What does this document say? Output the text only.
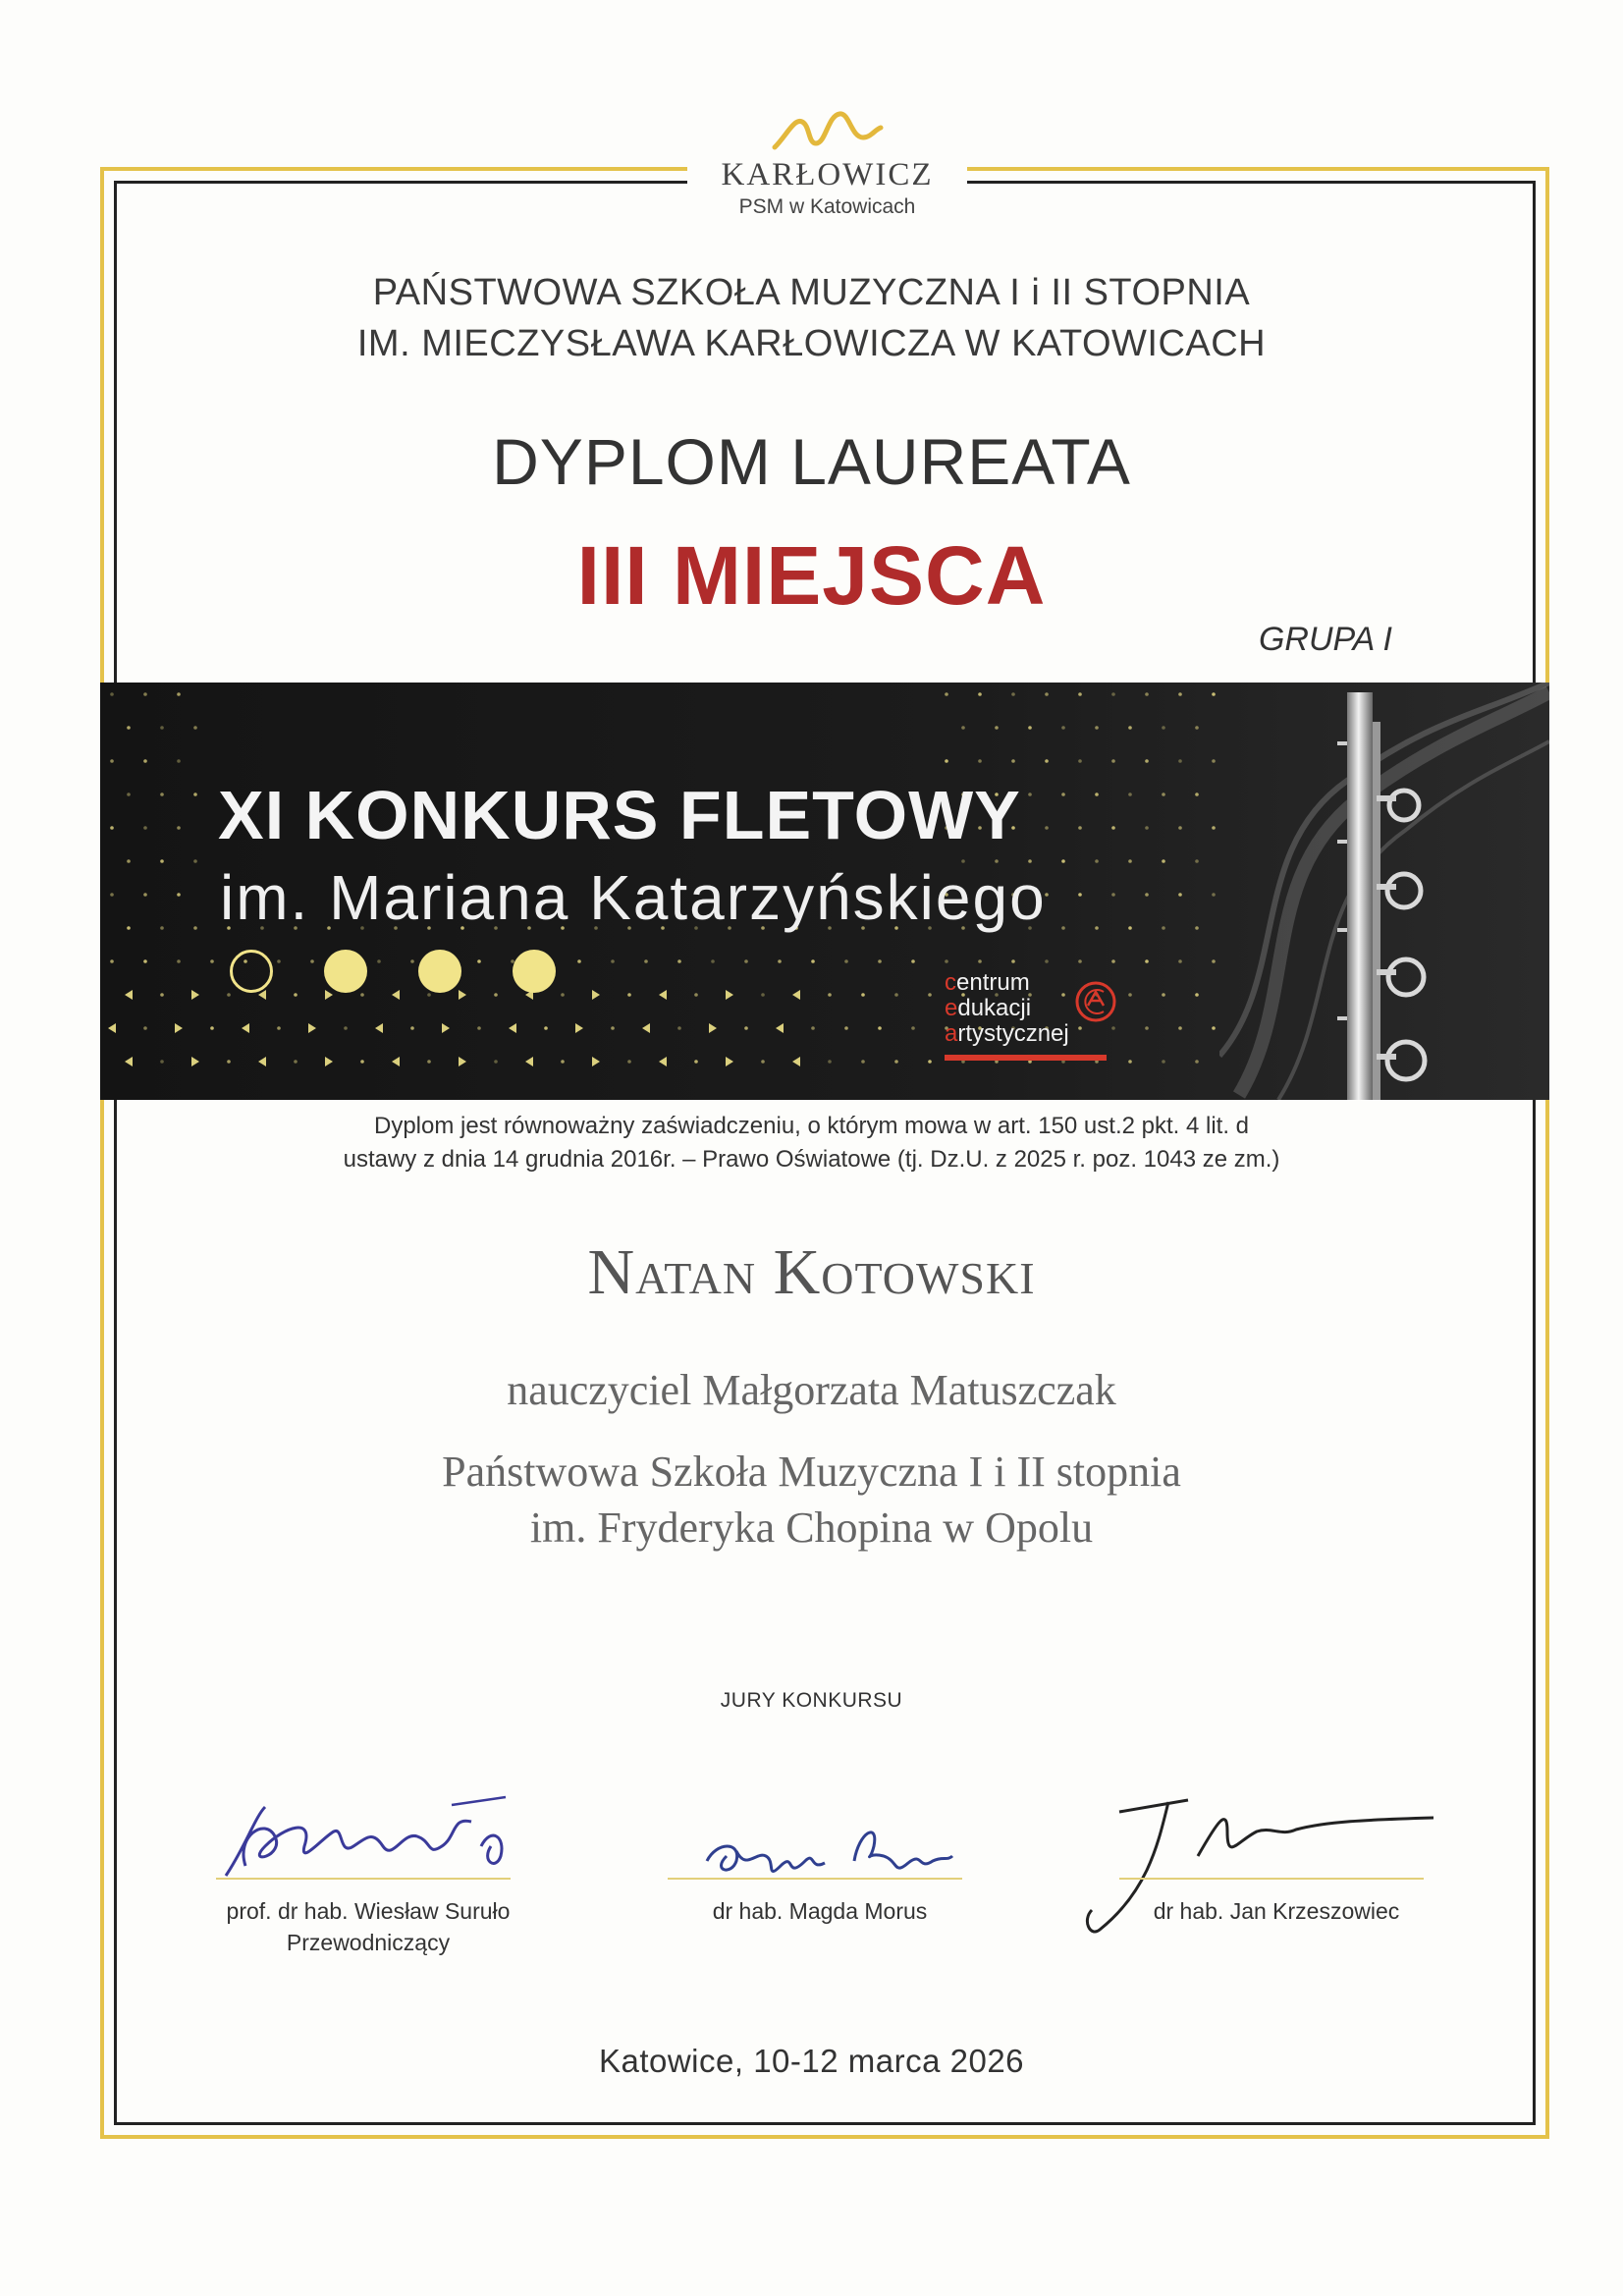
KARŁOWICZ
PSM w Katowicach
PAŃSTWOWA SZKOŁA MUZYCZNA I i II STOPNIA
IM. MIECZYSŁAWA KARŁOWICZA W KATOWICACH
DYPLOM LAUREATA
III MIEJSCA
GRUPA I
XI KONKURS FLETOWY
im. Mariana Katarzyńskiego
centrum
edukacji
artystycznej
Dyplom jest równoważny zaświadczeniu, o którym mowa w art. 150 ust.2 pkt. 4 lit. d
ustawy z dnia 14 grudnia 2016r. – Prawo Oświatowe (tj. Dz.U. z 2025 r. poz. 1043 ze zm.)
Natan Kotowski
nauczyciel Małgorzata Matuszczak
Państwowa Szkoła Muzyczna I i II stopnia
im. Fryderyka Chopina w Opolu
JURY KONKURSU
prof. dr hab. Wiesław Suruło
Przewodniczący
dr hab. Magda Morus	dr hab. Jan Krzeszowiec
Katowice, 10-12 marca 2026
